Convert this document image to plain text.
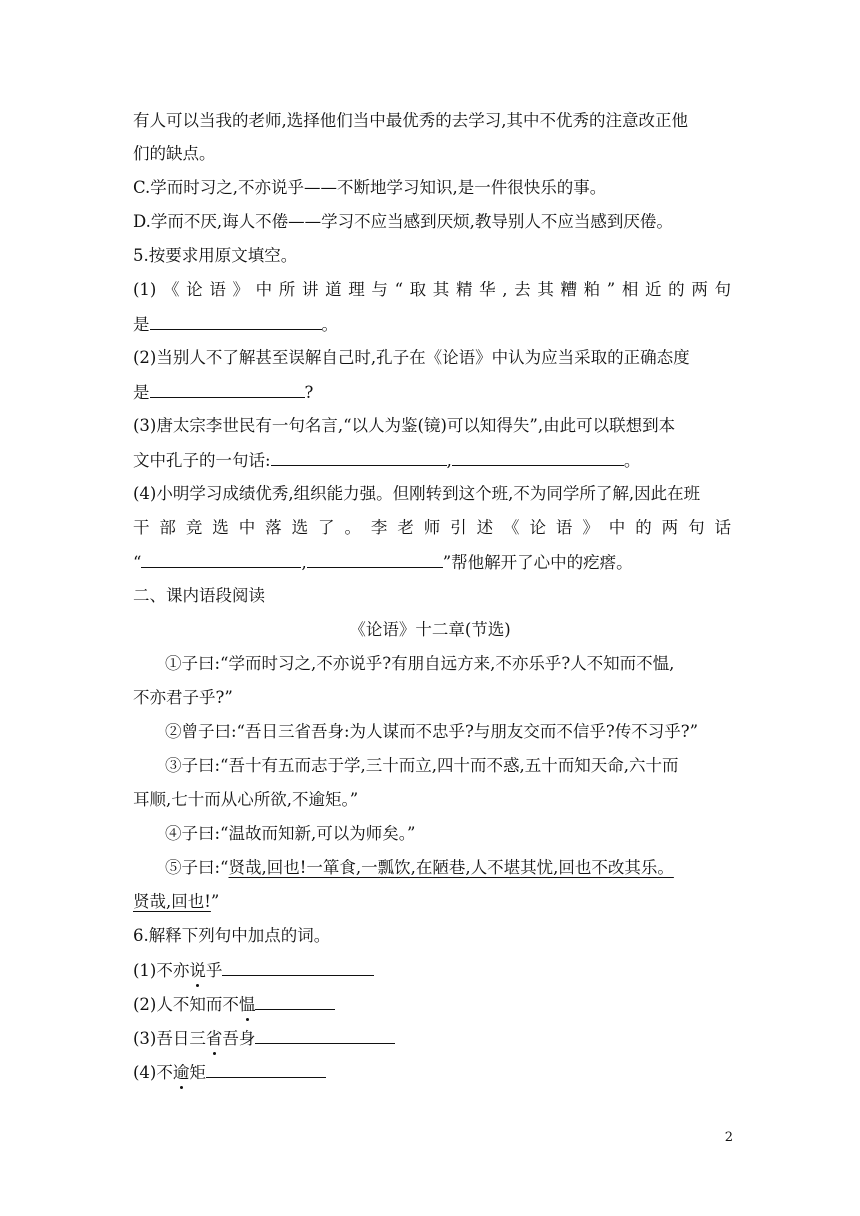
有人可以当我的老师,选择他们当中最优秀的去学习,其中不优秀的注意改正他
们的缺点。
C.学而时习之,不亦说乎——不断地学习知识,是一件很快乐的事。
D.学而不厌,诲人不倦——学习不应当感到厌烦,教导别人不应当感到厌倦。
5.按要求用原文填空。
(1)《论语》中所讲道理与“取其精华,去其糟粕”相近的两句
是	。
(2)当别人不了解甚至误解自己时,孔子在《论语》中认为应当采取的正确态度
是	?
(3)唐太宗李世民有一句名言,“以人为鉴(镜)可以知得失”,由此可以联想到本
文中孔子的一句话:	,	。
(4)小明学习成绩优秀,组织能力强。但刚转到这个班,不为同学所了解,因此在班
干部竞选中落选了。李老师引述《论语》中的两句话
“	,	”帮他解开了心中的疙瘩。
二、课内语段阅读
《论语》十二章(节选)
①子曰:“学而时习之,不亦说乎?有朋自远方来,不亦乐乎?人不知而不愠,
不亦君子乎?”
②曾子曰:“吾日三省吾身:为人谋而不忠乎?与朋友交而不信乎?传不习乎?”
③子曰:“吾十有五而志于学,三十而立,四十而不惑,五十而知天命,六十而
耳顺,七十而从心所欲,不逾矩。”
④子曰:“温故而知新,可以为师矣。”
⑤子曰:“贤哉,回也!一箪食,一瓢饮,在陋巷,人不堪其忧,回也不改其乐。
贤哉,回也!”
6.解释下列句中加点的词。
(1)不亦说乎
(2)人不知而不愠
(3)吾日三省吾身
(4)不逾矩
2
